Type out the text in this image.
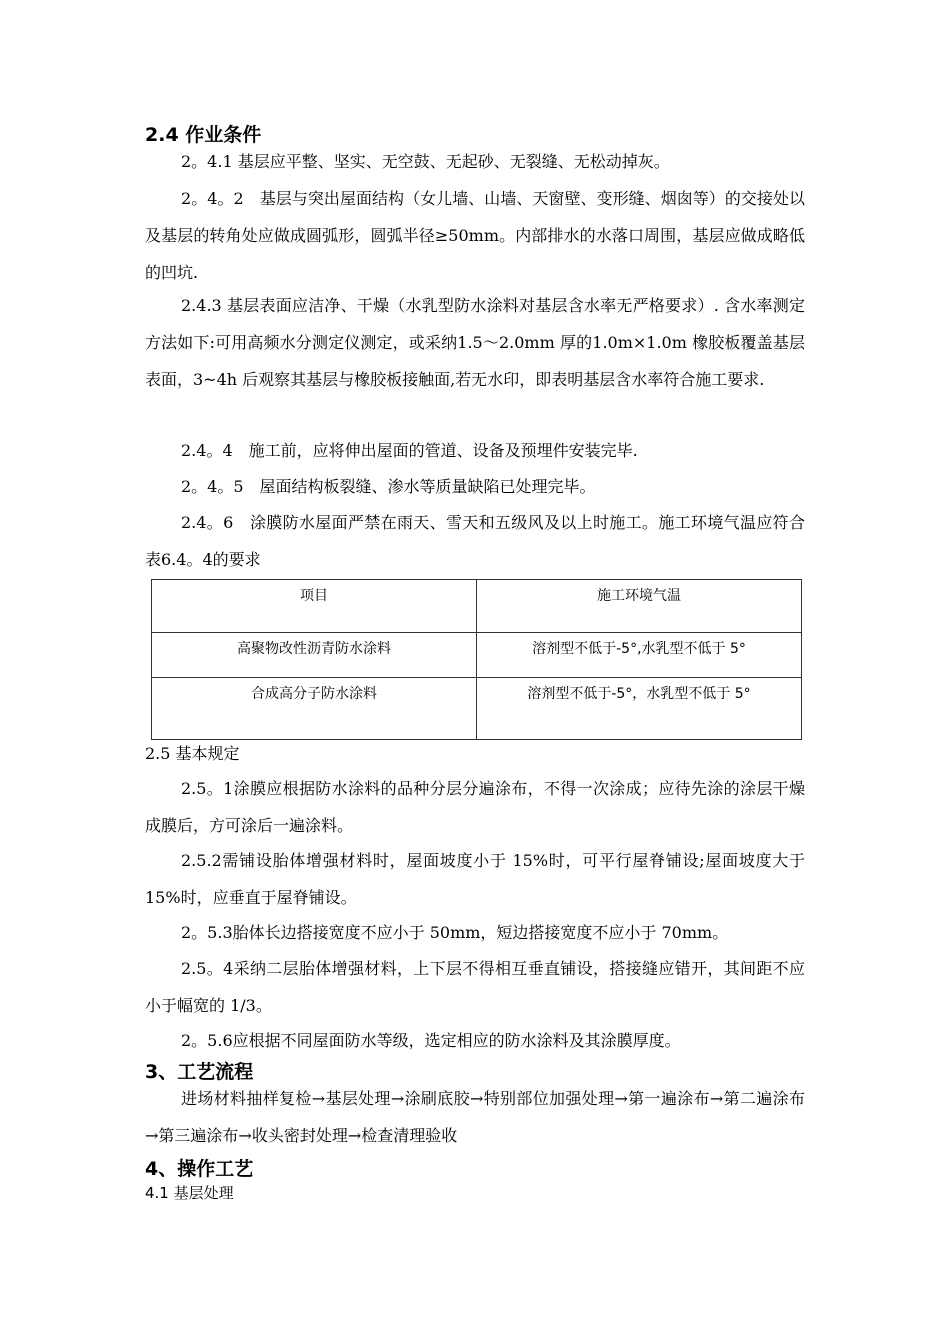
2.4 作业条件
2。4.1 基层应平整、坚实、无空鼓、无起砂、无裂缝、无松动掉灰。
2。4。2　基层与突出屋面结构（女儿墙、山墙、天窗壁、变形缝、烟囱等）的交接处以及基层的转角处应做成圆弧形，圆弧半径≥50mm。内部排水的水落口周围，基层应做成略低的凹坑.
2.4.3 基层表面应洁净、干燥（水乳型防水涂料对基层含水率无严格要求）. 含水率测定方法如下:可用高频水分测定仪测定，或采纳1.5～2.0mm 厚的1.0m×1.0m 橡胶板覆盖基层表面，3~4h 后观察其基层与橡胶板接触面,若无水印，即表明基层含水率符合施工要求.
2.4。4　施工前，应将伸出屋面的管道、设备及预埋件安装完毕.
2。4。5　屋面结构板裂缝、渗水等质量缺陷已处理完毕。
2.4。6　涂膜防水屋面严禁在雨天、雪天和五级风及以上时施工。施工环境气温应符合表6.4。4的要求
项目	施工环境气温
高聚物改性沥青防水涂料	溶剂型不低于-5°,水乳型不低于 5°
合成高分子防水涂料	溶剂型不低于-5°，水乳型不低于 5°
2.5 基本规定
2.5。1涂膜应根据防水涂料的品种分层分遍涂布，不得一次涂成；应待先涂的涂层干燥成膜后，方可涂后一遍涂料。
2.5.2需铺设胎体增强材料时，屋面坡度小于 15%时，可平行屋脊铺设;屋面坡度大于 15%时，应垂直于屋脊铺设。
2。5.3胎体长边搭接宽度不应小于 50mm，短边搭接宽度不应小于 70mm。
2.5。4采纳二层胎体增强材料，上下层不得相互垂直铺设，搭接缝应错开，其间距不应小于幅宽的 1/3。
2。5.6应根据不同屋面防水等级，选定相应的防水涂料及其涂膜厚度。
3、工艺流程
进场材料抽样复检→基层处理→涂刷底胶→特别部位加强处理→第一遍涂布→第二遍涂布→第三遍涂布→收头密封处理→检查清理验收
4、操作工艺
4.1 基层处理
